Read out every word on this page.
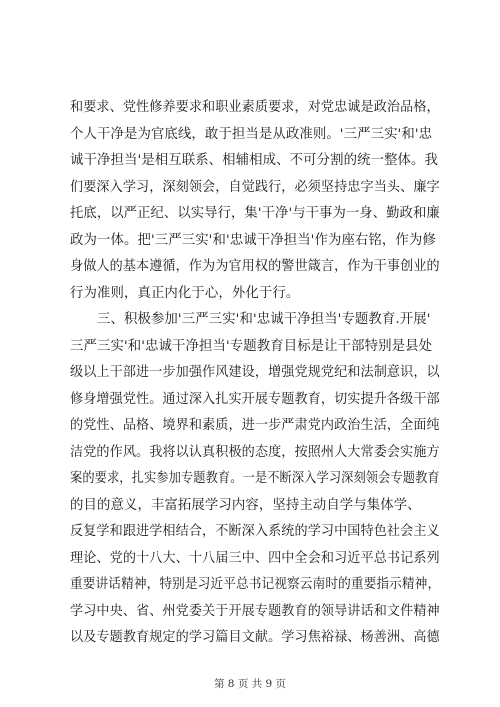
和要求、党性修养要求和职业素质要求，对党忠诚是政治品格，
个人干净是为官底线，敢于担当是从政准则。'三严三实'和'忠
诚干净担当'是相互联系、相辅相成、不可分割的统一整体。我
们要深入学习，深刻领会，自觉践行，必须坚持忠字当头、廉字
托底，以严正纪、以实导行，集'干净'与干事为一身、勤政和廉
政为一体。把'三严三实'和'忠诚干净担当'作为座右铭，作为修
身做人的基本遵循，作为为官用权的警世箴言，作为干事创业的
行为准则，真正内化于心，外化于行。
　　三、积极参加'三严三实'和'忠诚干净担当'专题教育.开展'
三严三实'和'忠诚干净担当'专题教育目标是让干部特别是县处
级以上干部进一步加强作风建设，增强党规党纪和法制意识，以
修身增强党性。通过深入扎实开展专题教育，切实提升各级干部
的党性、品格、境界和素质，进一步严肃党内政治生活，全面纯
洁党的作风。我将以认真积极的态度，按照州人大常委会实施方
案的要求，扎实参加专题教育。一是不断深入学习深刻领会专题教育
的目的意义，丰富拓展学习内容，坚持主动自学与集体学、
反复学和跟进学相结合，不断深入系统的学习中国特色社会主义
理论、党的十八大、十八届三中、四中全会和习近平总书记系列
重要讲话精神，特别是习近平总书记视察云南时的重要指示精神，
学习中央、省、州党委关于开展专题教育的领导讲话和文件精神
以及专题教育规定的学习篇目文献。学习焦裕禄、杨善洲、高德
第 8 页 共 9 页
